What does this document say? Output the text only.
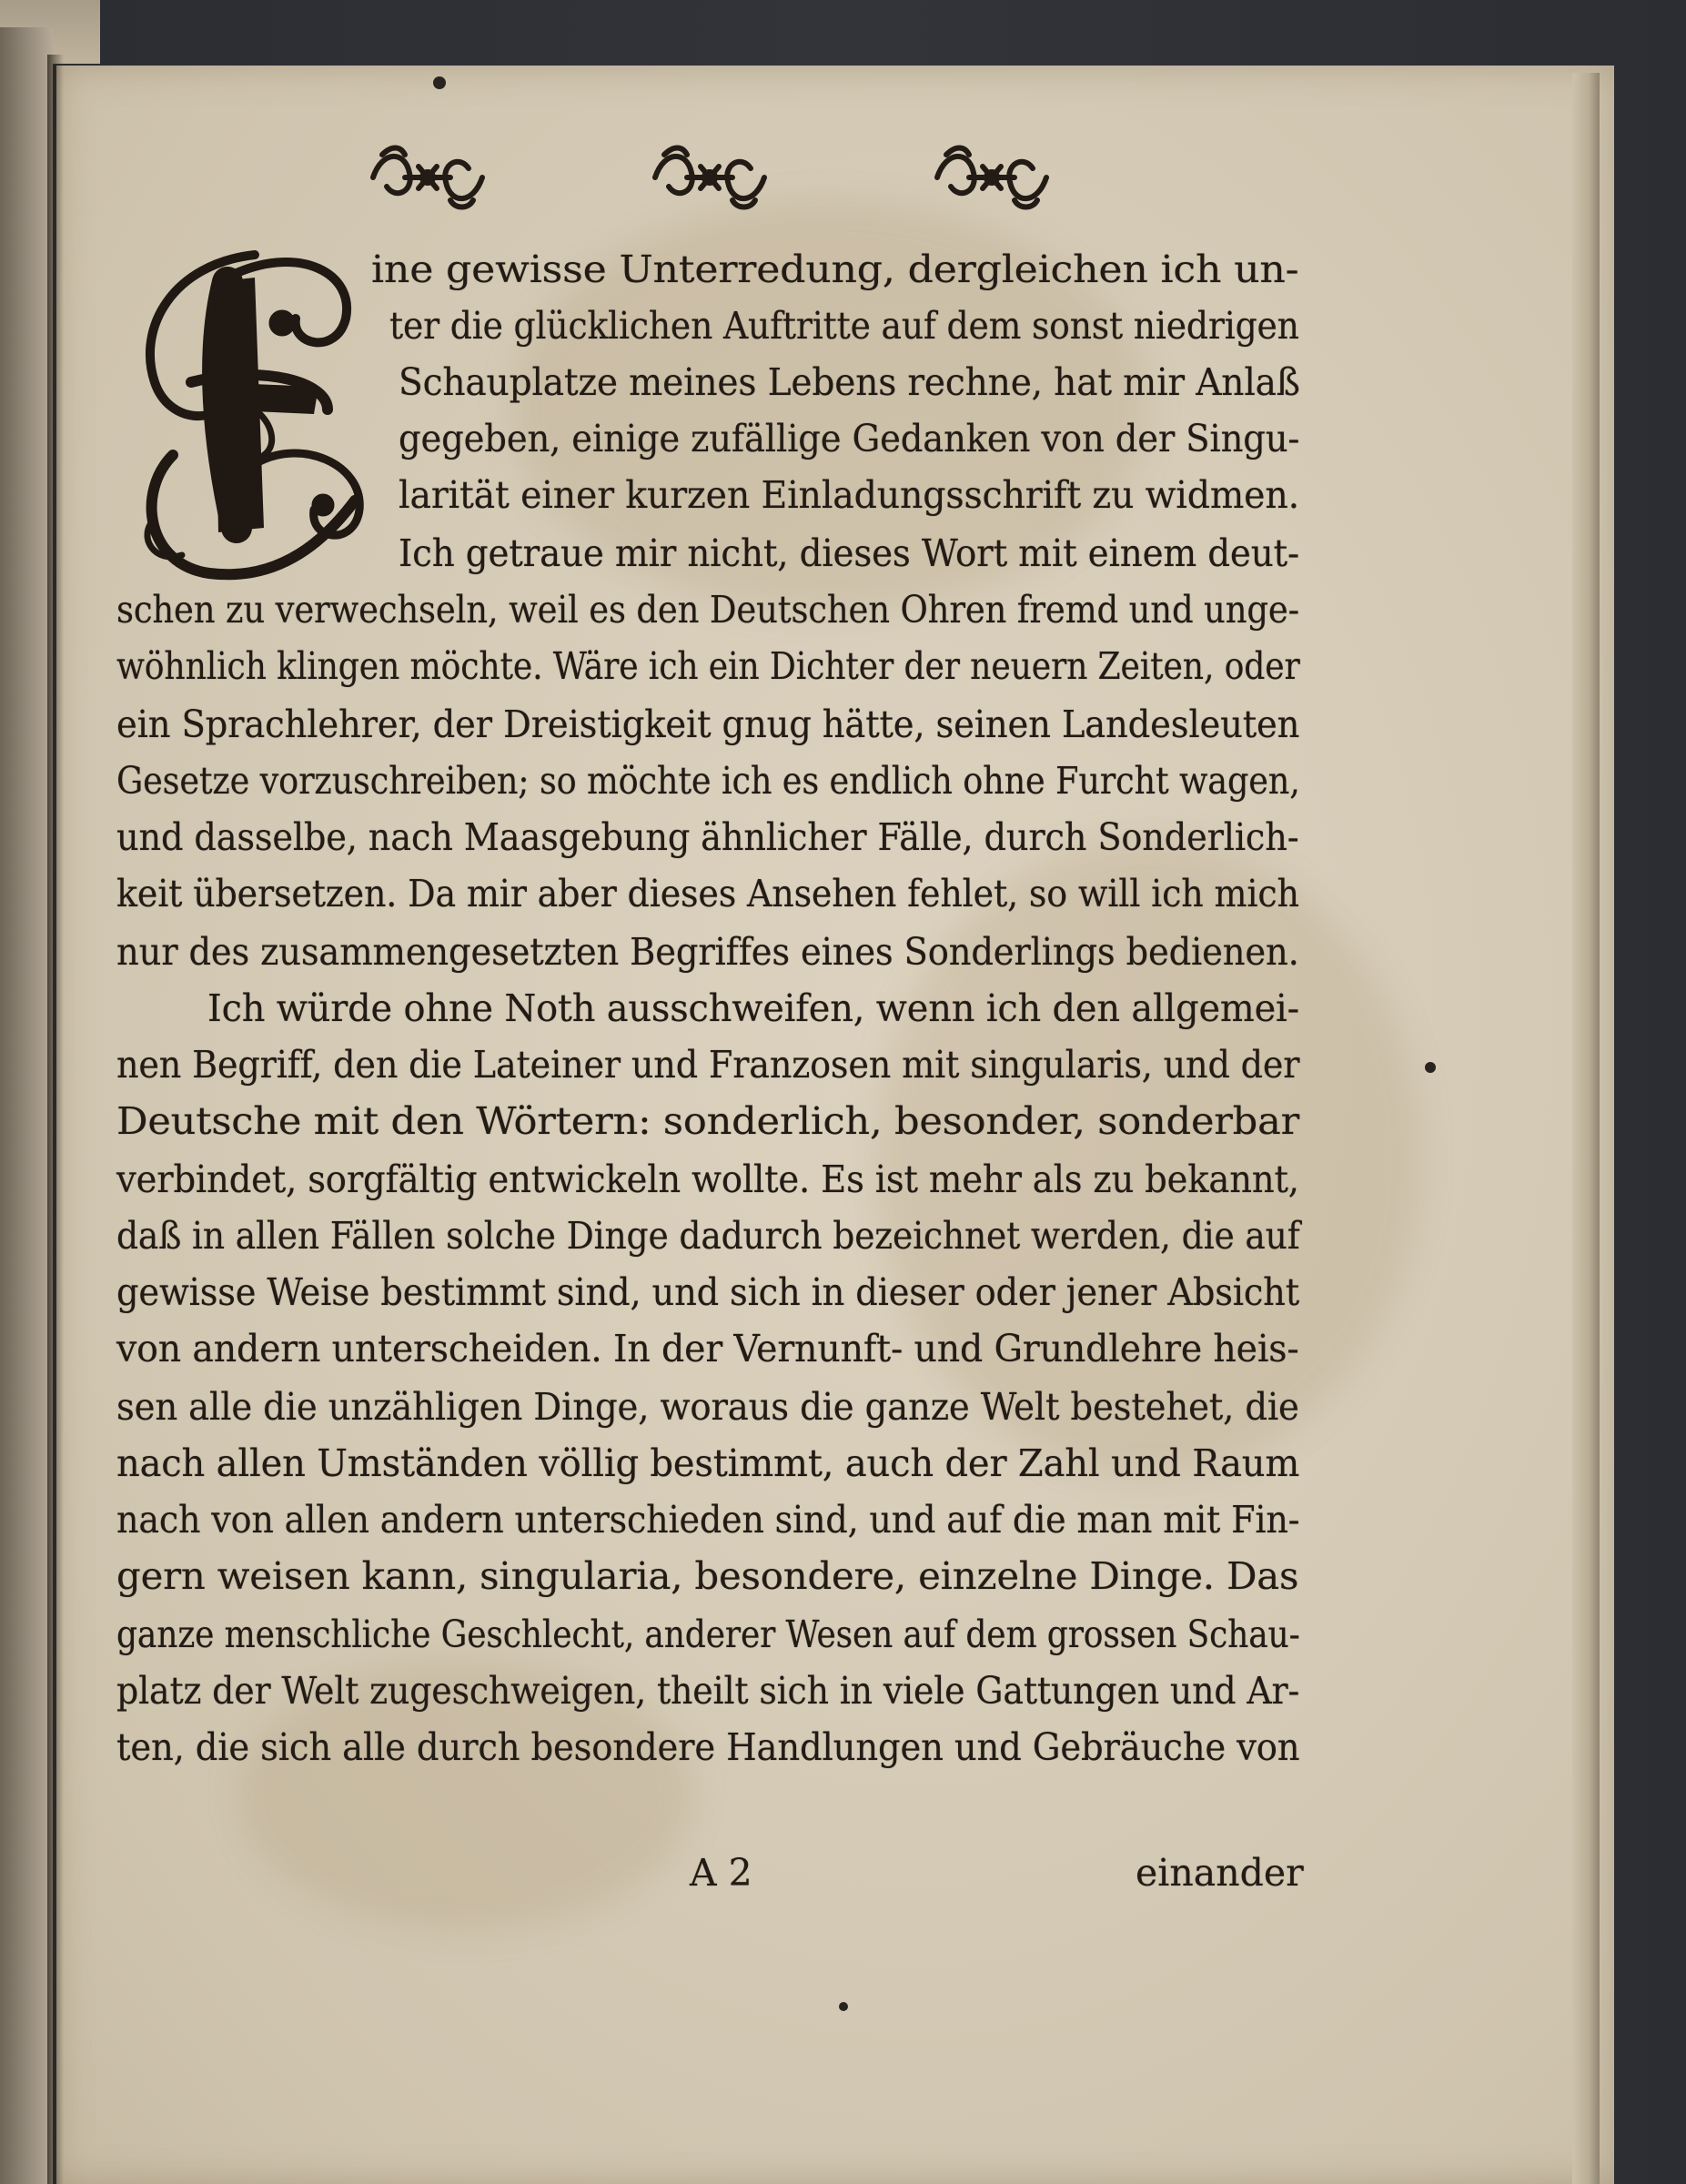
ine gewisse Unterredung, dergleichen ich un-
ter die glücklichen Auftritte auf dem sonst niedrigen
Schauplatze meines Lebens rechne, hat mir Anlaß
gegeben, einige zufällige Gedanken von der Singu-
larität einer kurzen Einladungsschrift zu widmen.
Ich getraue mir nicht, dieses Wort mit einem deut-
schen zu verwechseln, weil es den Deutschen Ohren fremd und unge-
wöhnlich klingen möchte. Wäre ich ein Dichter der neuern Zeiten, oder
ein Sprachlehrer, der Dreistigkeit gnug hätte, seinen Landesleuten
Gesetze vorzuschreiben; so möchte ich es endlich ohne Furcht wagen,
und dasselbe, nach Maasgebung ähnlicher Fälle, durch Sonderlich-
keit übersetzen. Da mir aber dieses Ansehen fehlet, so will ich mich
nur des zusammengesetzten Begriffes eines Sonderlings bedienen.
Ich würde ohne Noth ausschweifen, wenn ich den allgemei-
nen Begriff, den die Lateiner und Franzosen mit singularis, und der
Deutsche mit den Wörtern: sonderlich, besonder, sonderbar
verbindet, sorgfältig entwickeln wollte. Es ist mehr als zu bekannt,
daß in allen Fällen solche Dinge dadurch bezeichnet werden, die auf
gewisse Weise bestimmt sind, und sich in dieser oder jener Absicht
von andern unterscheiden. In der Vernunft- und Grundlehre heis-
sen alle die unzähligen Dinge, woraus die ganze Welt bestehet, die
nach allen Umständen völlig bestimmt, auch der Zahl und Raum
nach von allen andern unterschieden sind, und auf die man mit Fin-
gern weisen kann, singularia, besondere, einzelne Dinge. Das
ganze menschliche Geschlecht, anderer Wesen auf dem grossen Schau-
platz der Welt zugeschweigen, theilt sich in viele Gattungen und Ar-
ten, die sich alle durch besondere Handlungen und Gebräuche von
A 2	einander
